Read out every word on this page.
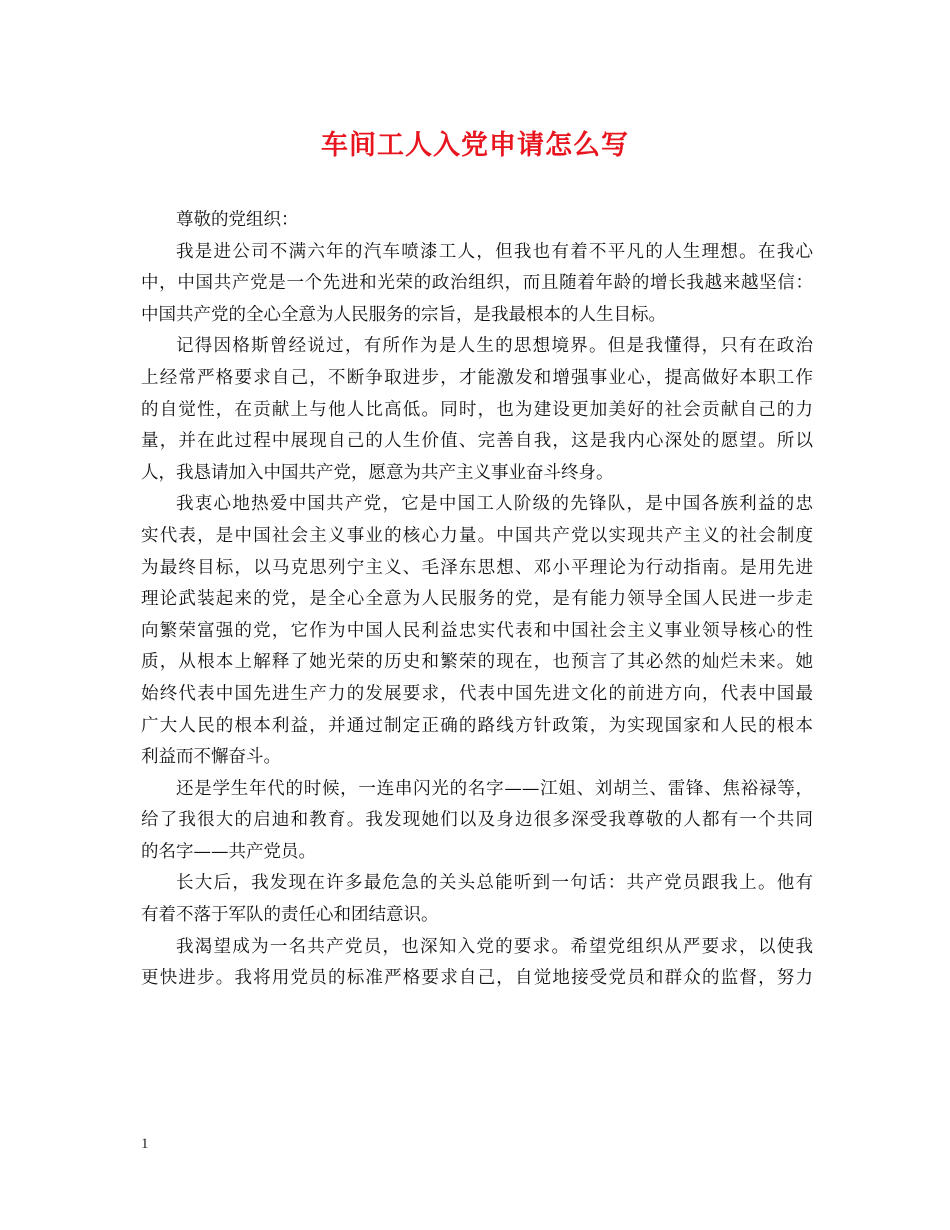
车间工人入党申请怎么写
尊敬的党组织：
我是进公司不满六年的汽车喷漆工人，但我也有着不平凡的人生理想。在我心
中，中国共产党是一个先进和光荣的政治组织，而且随着年龄的增长我越来越坚信：
中国共产党的全心全意为人民服务的宗旨，是我最根本的人生目标。
记得因格斯曾经说过，有所作为是人生的思想境界。但是我懂得，只有在政治
上经常严格要求自己，不断争取进步，才能激发和增强事业心，提高做好本职工作
的自觉性，在贡献上与他人比高低。同时，也为建设更加美好的社会贡献自己的力
量，并在此过程中展现自己的人生价值、完善自我，这是我内心深处的愿望。所以
人，我恳请加入中国共产党，愿意为共产主义事业奋斗终身。
我衷心地热爱中国共产党，它是中国工人阶级的先锋队，是中国各族利益的忠
实代表，是中国社会主义事业的核心力量。中国共产党以实现共产主义的社会制度
为最终目标，以马克思列宁主义、毛泽东思想、邓小平理论为行动指南。是用先进
理论武装起来的党，是全心全意为人民服务的党，是有能力领导全国人民进一步走
向繁荣富强的党，它作为中国人民利益忠实代表和中国社会主义事业领导核心的性
质，从根本上解释了她光荣的历史和繁荣的现在，也预言了其必然的灿烂未来。她
始终代表中国先进生产力的发展要求，代表中国先进文化的前进方向，代表中国最
广大人民的根本利益，并通过制定正确的路线方针政策，为实现国家和人民的根本
利益而不懈奋斗。
还是学生年代的时候，一连串闪光的名字——江姐、刘胡兰、雷锋、焦裕禄等，
给了我很大的启迪和教育。我发现她们以及身边很多深受我尊敬的人都有一个共同
的名字——共产党员。
长大后，我发现在许多最危急的关头总能听到一句话：共产党员跟我上。他有
有着不落于军队的责任心和团结意识。
我渴望成为一名共产党员，也深知入党的要求。希望党组织从严要求，以使我
更快进步。我将用党员的标准严格要求自己，自觉地接受党员和群众的监督，努力
1
